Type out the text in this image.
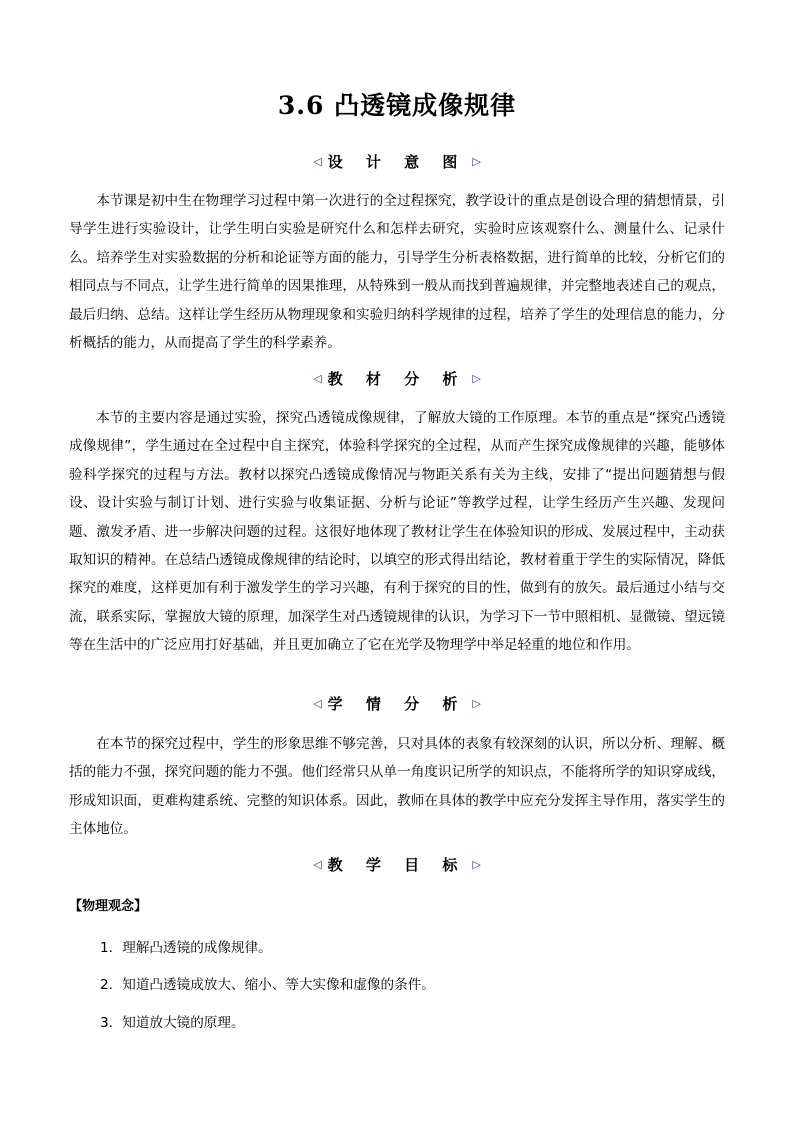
3.6 凸透镜成像规律
◁ 设 计 意 图 ▷
本节课是初中生在物理学习过程中第一次进行的全过程探究，教学设计的重点是创设合理的猜想情景，引导学生进行实验设计，让学生明白实验是研究什么和怎样去研究，实验时应该观察什么、测量什么、记录什么。培养学生对实验数据的分析和论证等方面的能力，引导学生分析表格数据，进行简单的比较，分析它们的相同点与不同点，让学生进行简单的因果推理，从特殊到一般从而找到普遍规律，并完整地表述自己的观点，最后归纳、总结。这样让学生经历从物理现象和实验归纳科学规律的过程，培养了学生的处理信息的能力，分析概括的能力，从而提高了学生的科学素养。
◁ 教 材 分 析 ▷
本节的主要内容是通过实验，探究凸透镜成像规律，了解放大镜的工作原理。本节的重点是“探究凸透镜成像规律”，学生通过在全过程中自主探究，体验科学探究的全过程，从而产生探究成像规律的兴趣，能够体验科学探究的过程与方法。教材以探究凸透镜成像情况与物距关系有关为主线，安排了“提出问题猜想与假设、设计实验与制订计划、进行实验与收集证据、分析与论证”等教学过程，让学生经历产生兴趣、发现问题、激发矛盾、进一步解决问题的过程。这很好地体现了教材让学生在体验知识的形成、发展过程中，主动获取知识的精神。在总结凸透镜成像规律的结论时，以填空的形式得出结论，教材着重于学生的实际情况，降低探究的难度，这样更加有利于激发学生的学习兴趣，有利于探究的目的性，做到有的放矢。最后通过小结与交流，联系实际，掌握放大镜的原理，加深学生对凸透镜规律的认识，为学习下一节中照相机、显微镜、望远镜等在生活中的广泛应用打好基础，并且更加确立了它在光学及物理学中举足轻重的地位和作用。
◁ 学 情 分 析 ▷
在本节的探究过程中，学生的形象思维不够完善，只对具体的表象有较深刻的认识，所以分析、理解、概括的能力不强，探究问题的能力不强。他们经常只从单一角度识记所学的知识点，不能将所学的知识穿成线，形成知识面，更难构建系统、完整的知识体系。因此，教师在具体的教学中应充分发挥主导作用，落实学生的主体地位。
◁ 教 学 目 标 ▷
【物理观念】
1．理解凸透镜的成像规律。
2．知道凸透镜成放大、缩小、等大实像和虚像的条件。
3．知道放大镜的原理。
